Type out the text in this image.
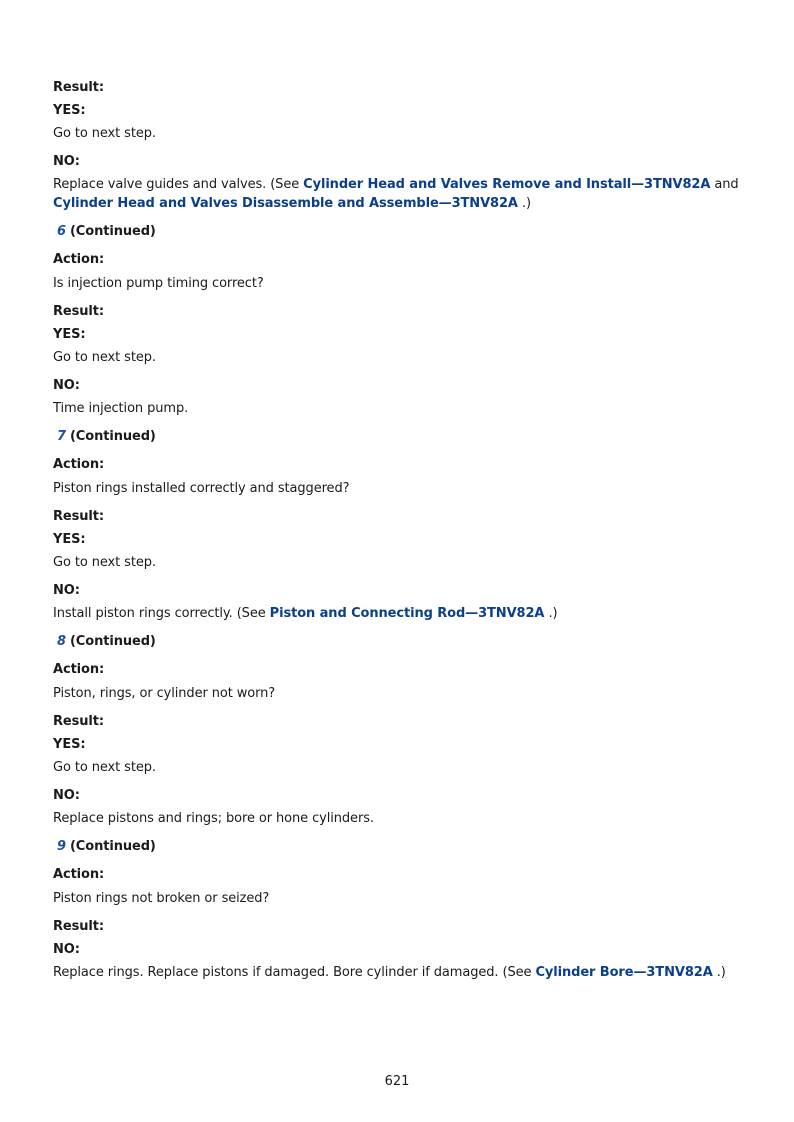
Result:
YES:
Go to next step.
NO:
Replace valve guides and valves. (See Cylinder Head and Valves Remove and Install—3TNV82A and Cylinder Head and Valves Disassemble and Assemble—3TNV82A .)
6 (Continued)
Action:
Is injection pump timing correct?
Result:
YES:
Go to next step.
NO:
Time injection pump.
7 (Continued)
Action:
Piston rings installed correctly and staggered?
Result:
YES:
Go to next step.
NO:
Install piston rings correctly. (See Piston and Connecting Rod—3TNV82A .)
8 (Continued)
Action:
Piston, rings, or cylinder not worn?
Result:
YES:
Go to next step.
NO:
Replace pistons and rings; bore or hone cylinders.
9 (Continued)
Action:
Piston rings not broken or seized?
Result:
NO:
Replace rings. Replace pistons if damaged. Bore cylinder if damaged. (See Cylinder Bore—3TNV82A .)
621
